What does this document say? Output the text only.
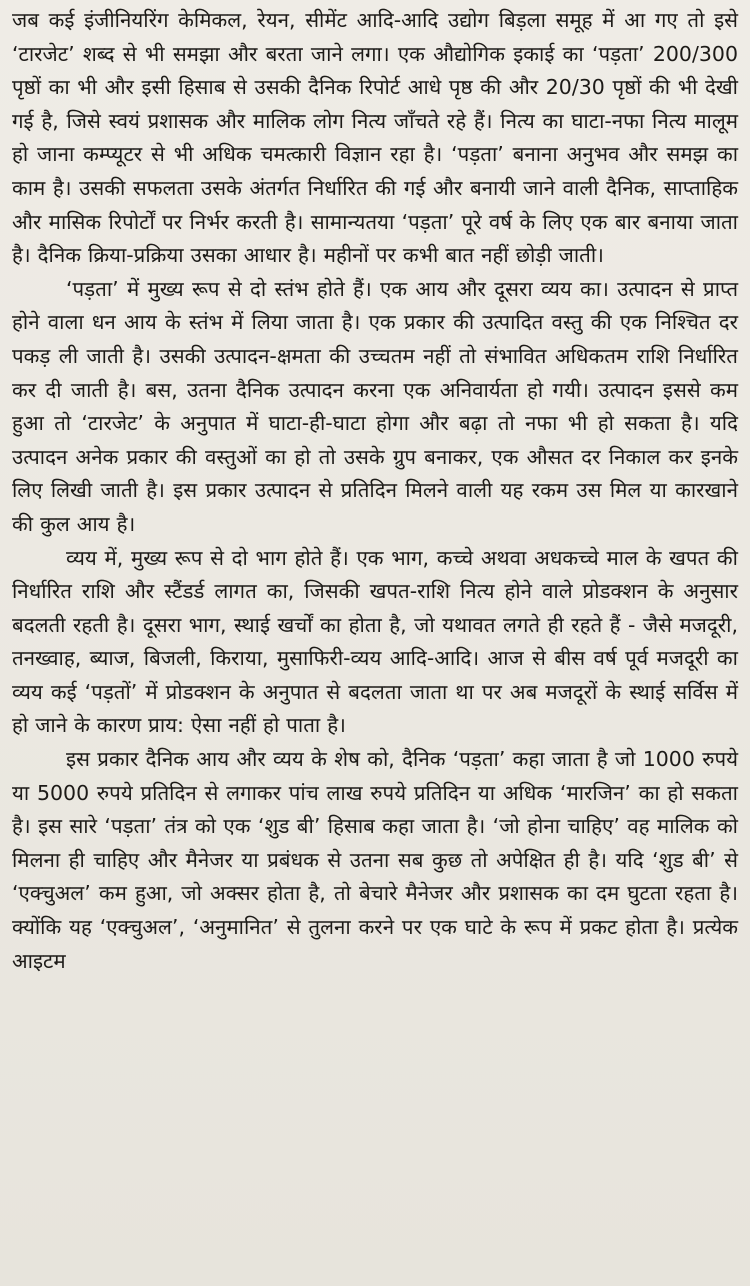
जब कई इंजीनियरिंग केमिकल, रेयन, सीमेंट आदि-आदि उद्योग बिड़ला समूह में आ गए तो इसे ‘टारजेट’ शब्द से भी समझा और बरता जाने लगा। एक औद्योगिक इकाई का ‘पड़ता’ 200/300 पृष्ठों का भी और इसी हिसाब से उसकी दैनिक रिपोर्ट आधे पृष्ठ की और 20/30 पृष्ठों की भी देखी गई है, जिसे स्वयं प्रशासक और मालिक लोग नित्य जाँचते रहे हैं। नित्य का घाटा-नफा नित्य मालूम हो जाना कम्प्यूटर से भी अधिक चमत्कारी विज्ञान रहा है। ‘पड़ता’ बनाना अनुभव और समझ का काम है। उसकी सफलता उसके अंतर्गत निर्धारित की गई और बनायी जाने वाली दैनिक, साप्ताहिक और मासिक रिपोर्टों पर निर्भर करती है। सामान्यतया ‘पड़ता’ पूरे वर्ष के लिए एक बार बनाया जाता है। दैनिक क्रिया-प्रक्रिया उसका आधार है। महीनों पर कभी बात नहीं छोड़ी जाती।

‘पड़ता’ में मुख्य रूप से दो स्तंभ होते हैं। एक आय और दूसरा व्यय का। उत्पादन से प्राप्त होने वाला धन आय के स्तंभ में लिया जाता है। एक प्रकार की उत्पादित वस्तु की एक निश्चित दर पकड़ ली जाती है। उसकी उत्पादन-क्षमता की उच्चतम नहीं तो संभावित अधिकतम राशि निर्धारित कर दी जाती है। बस, उतना दैनिक उत्पादन करना एक अनिवार्यता हो गयी। उत्पादन इससे कम हुआ तो ‘टारजेट’ के अनुपात में घाटा-ही-घाटा होगा और बढ़ा तो नफा भी हो सकता है। यदि उत्पादन अनेक प्रकार की वस्तुओं का हो तो उसके ग्रुप बनाकर, एक औसत दर निकाल कर इनके लिए लिखी जाती है। इस प्रकार उत्पादन से प्रतिदिन मिलने वाली यह रकम उस मिल या कारखाने की कुल आय है।

व्यय में, मुख्य रूप से दो भाग होते हैं। एक भाग, कच्चे अथवा अधकच्चे माल के खपत की निर्धारित राशि और स्टैंडर्ड लागत का, जिसकी खपत-राशि नित्य होने वाले प्रोडक्शन के अनुसार बदलती रहती है। दूसरा भाग, स्थाई खर्चों का होता है, जो यथावत लगते ही रहते हैं - जैसे मजदूरी, तनख्वाह, ब्याज, बिजली, किराया, मुसाफिरी-व्यय आदि-आदि। आज से बीस वर्ष पूर्व मजदूरी का व्यय कई ‘पड़तों’ में प्रोडक्शन के अनुपात से बदलता जाता था पर अब मजदूरों के स्थाई सर्विस में हो जाने के कारण प्राय: ऐसा नहीं हो पाता है।

इस प्रकार दैनिक आय और व्यय के शेष को, दैनिक ‘पड़ता’ कहा जाता है जो 1000 रुपये या 5000 रुपये प्रतिदिन से लगाकर पांच लाख रुपये प्रतिदिन या अधिक ‘मारजिन’ का हो सकता है। इस सारे ‘पड़ता’ तंत्र को एक ‘शुड बी’ हिसाब कहा जाता है। ‘जो होना चाहिए’ वह मालिक को मिलना ही चाहिए और मैनेजर या प्रबंधक से उतना सब कुछ तो अपेक्षित ही है। यदि ‘शुड बी’ से ‘एक्चुअल’ कम हुआ, जो अक्सर होता है, तो बेचारे मैनेजर और प्रशासक का दम घुटता रहता है। क्योंकि यह ‘एक्चुअल’, ‘अनुमानित’ से तुलना करने पर एक घाटे के रूप में प्रकट होता है। प्रत्येक आइटम
